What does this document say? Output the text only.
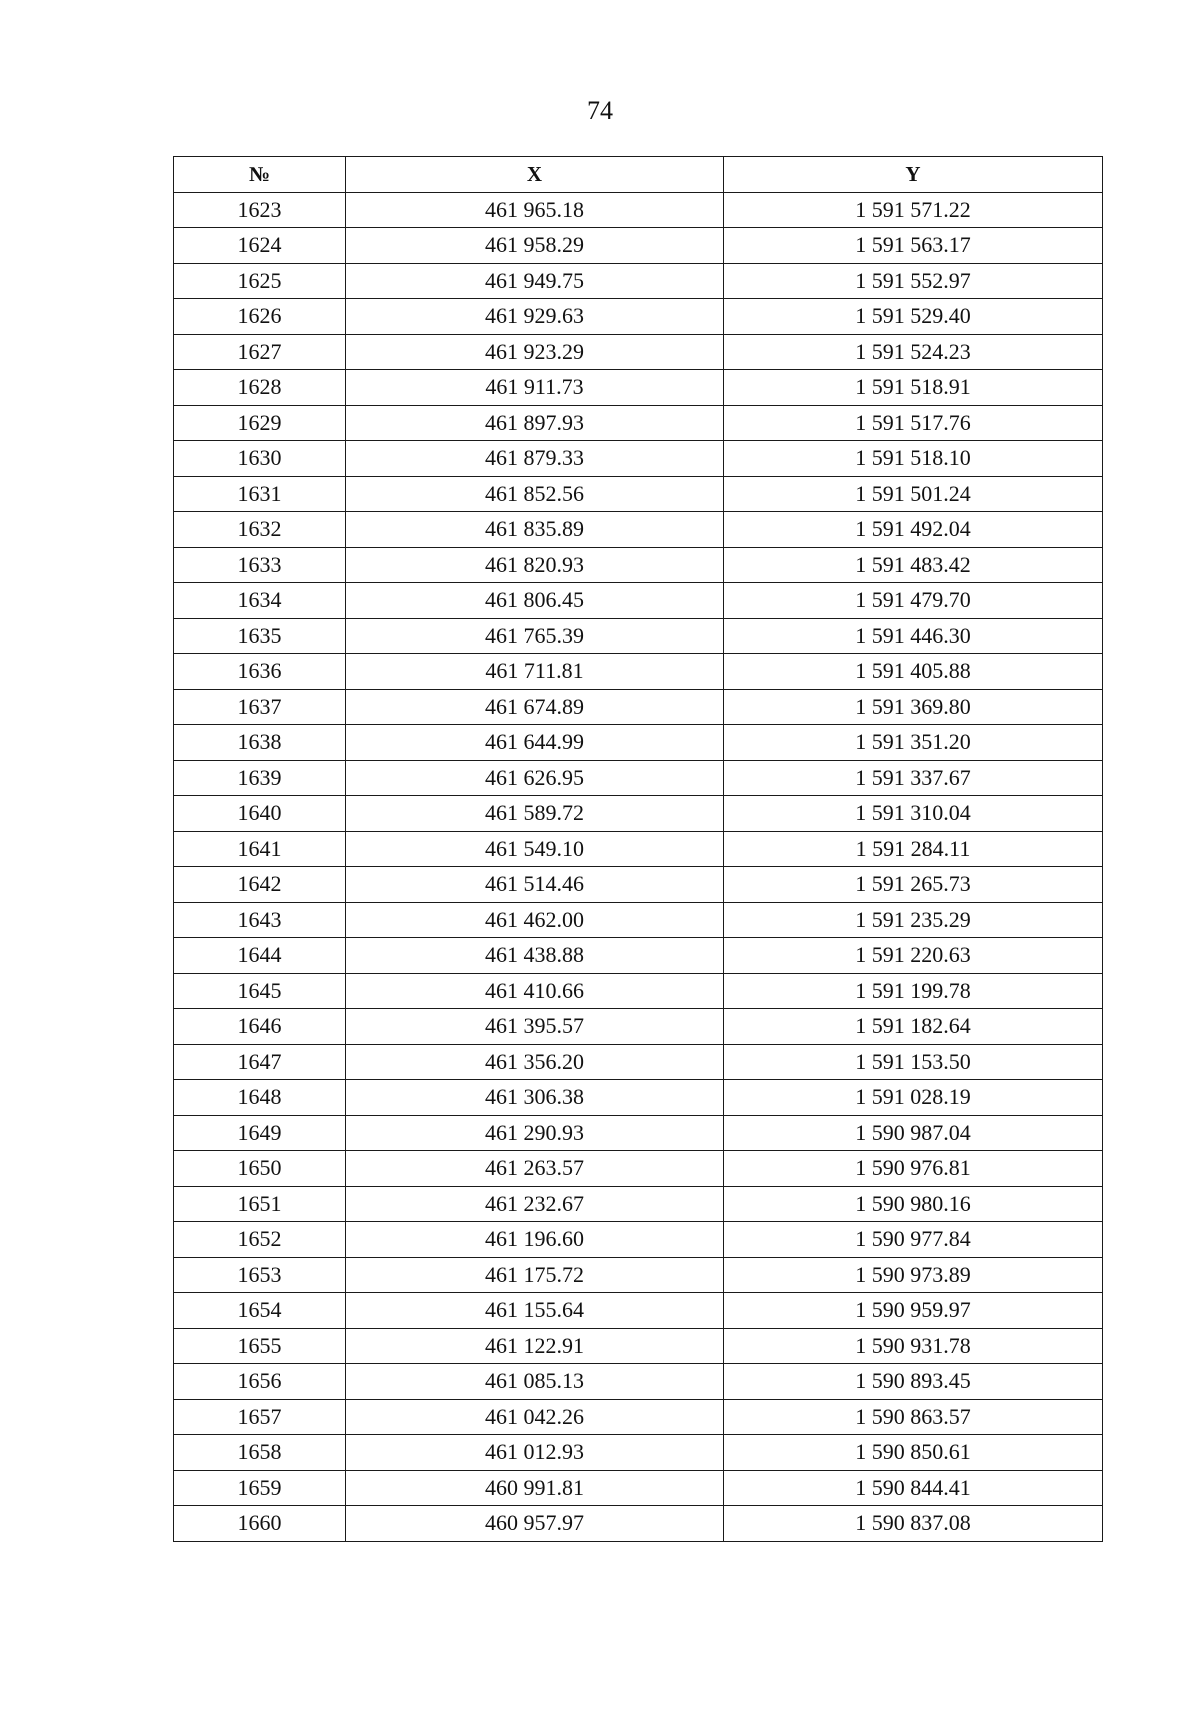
74
№	X	Y
1623	461 965.18	1 591 571.22
1624	461 958.29	1 591 563.17
1625	461 949.75	1 591 552.97
1626	461 929.63	1 591 529.40
1627	461 923.29	1 591 524.23
1628	461 911.73	1 591 518.91
1629	461 897.93	1 591 517.76
1630	461 879.33	1 591 518.10
1631	461 852.56	1 591 501.24
1632	461 835.89	1 591 492.04
1633	461 820.93	1 591 483.42
1634	461 806.45	1 591 479.70
1635	461 765.39	1 591 446.30
1636	461 711.81	1 591 405.88
1637	461 674.89	1 591 369.80
1638	461 644.99	1 591 351.20
1639	461 626.95	1 591 337.67
1640	461 589.72	1 591 310.04
1641	461 549.10	1 591 284.11
1642	461 514.46	1 591 265.73
1643	461 462.00	1 591 235.29
1644	461 438.88	1 591 220.63
1645	461 410.66	1 591 199.78
1646	461 395.57	1 591 182.64
1647	461 356.20	1 591 153.50
1648	461 306.38	1 591 028.19
1649	461 290.93	1 590 987.04
1650	461 263.57	1 590 976.81
1651	461 232.67	1 590 980.16
1652	461 196.60	1 590 977.84
1653	461 175.72	1 590 973.89
1654	461 155.64	1 590 959.97
1655	461 122.91	1 590 931.78
1656	461 085.13	1 590 893.45
1657	461 042.26	1 590 863.57
1658	461 012.93	1 590 850.61
1659	460 991.81	1 590 844.41
1660	460 957.97	1 590 837.08
